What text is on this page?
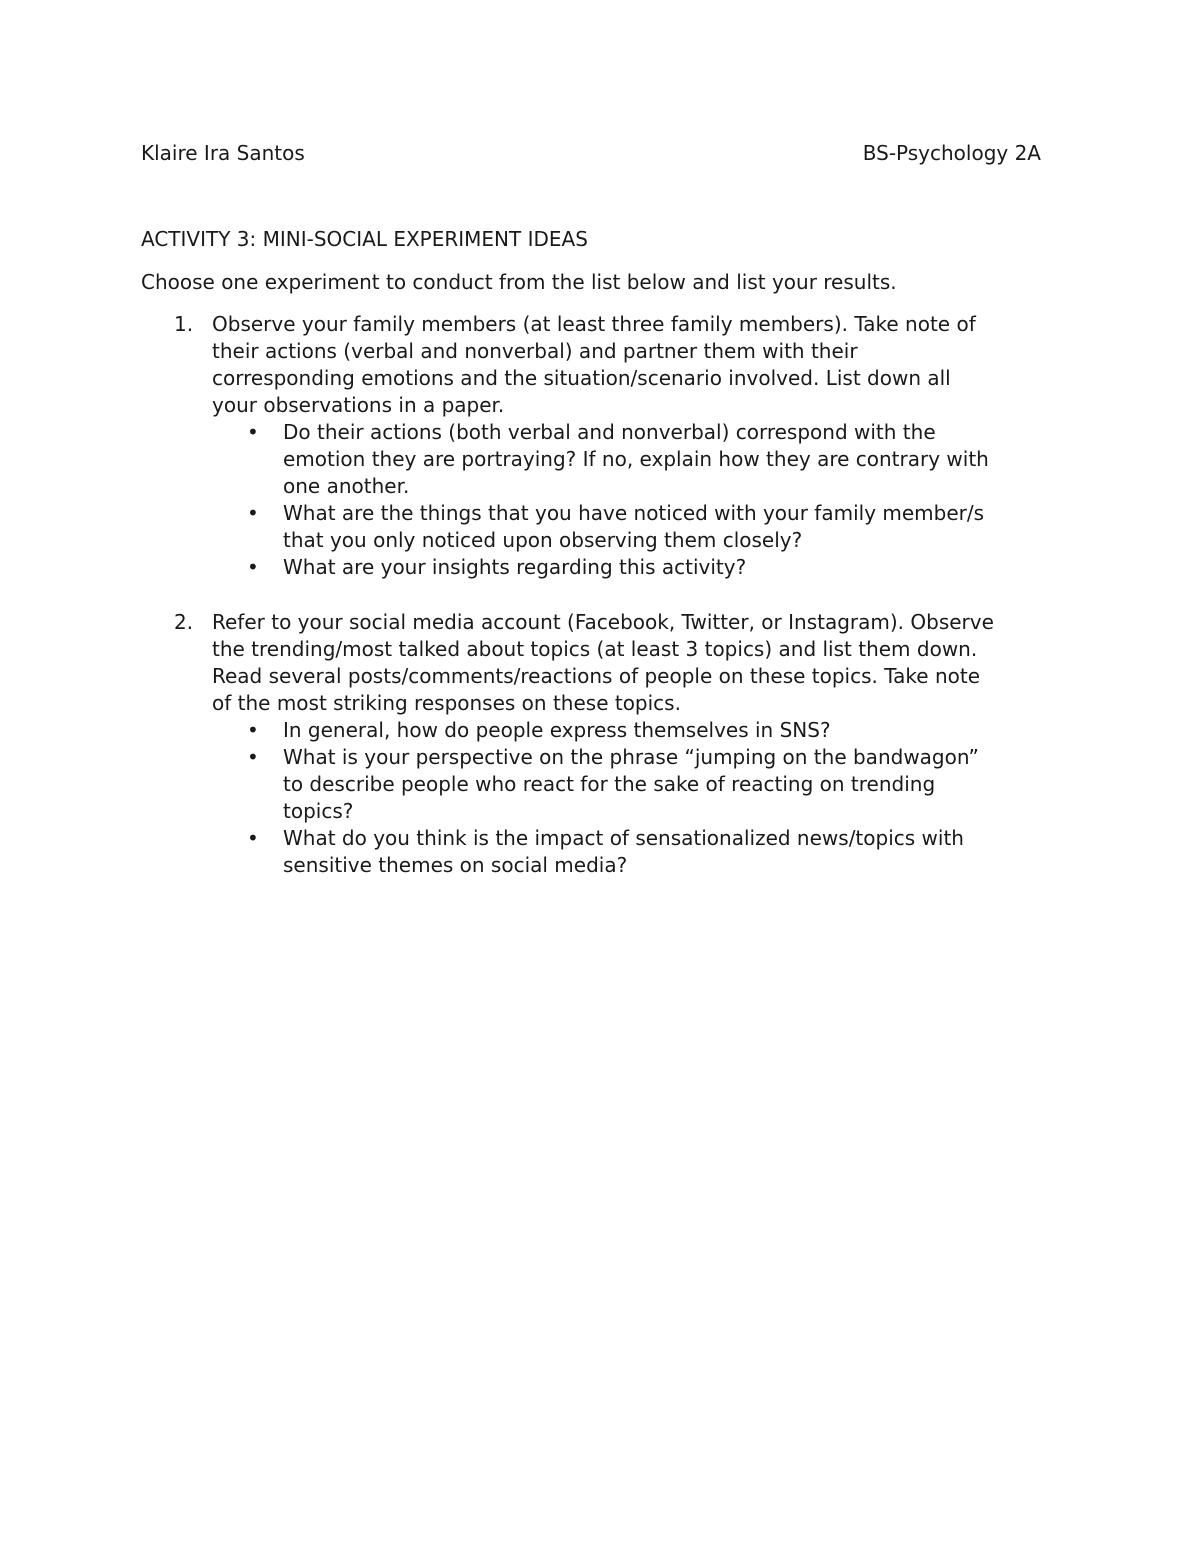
Klaire Ira Santos	BS-Psychology 2A
ACTIVITY 3: MINI-SOCIAL EXPERIMENT IDEAS
Choose one experiment to conduct from the list below and list your results.
1. Observe your family members (at least three family members). Take note of
their actions (verbal and nonverbal) and partner them with their
corresponding emotions and the situation/scenario involved. List down all
your observations in a paper.
• Do their actions (both verbal and nonverbal) correspond with the
emotion they are portraying? If no, explain how they are contrary with
one another.
• What are the things that you have noticed with your family member/s
that you only noticed upon observing them closely?
• What are your insights regarding this activity?
2. Refer to your social media account (Facebook, Twitter, or Instagram). Observe
the trending/most talked about topics (at least 3 topics) and list them down.
Read several posts/comments/reactions of people on these topics. Take note
of the most striking responses on these topics.
• In general, how do people express themselves in SNS?
• What is your perspective on the phrase “jumping on the bandwagon”
to describe people who react for the sake of reacting on trending
topics?
• What do you think is the impact of sensationalized news/topics with
sensitive themes on social media?
